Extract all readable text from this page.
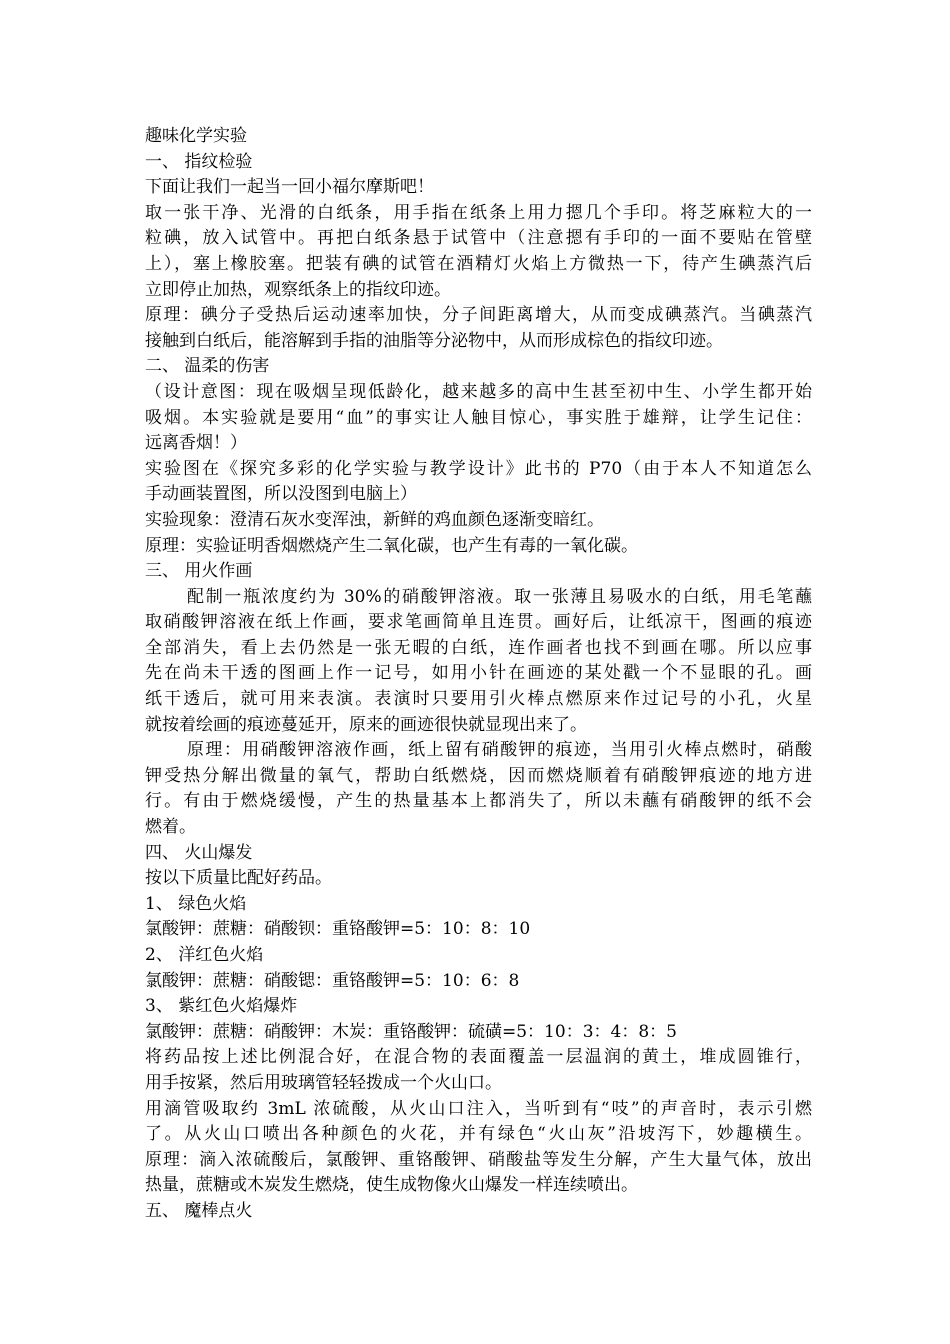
趣味化学实验
一、 指纹检验
下面让我们一起当一回小福尔摩斯吧！
取一张干净、光滑的白纸条，用手指在纸条上用力摁几个手印。将芝麻粒大的一
粒碘，放入试管中。再把白纸条悬于试管中（注意摁有手印的一面不要贴在管壁
上），塞上橡胶塞。把装有碘的试管在酒精灯火焰上方微热一下，待产生碘蒸汽后
立即停止加热，观察纸条上的指纹印迹。
原理：碘分子受热后运动速率加快，分子间距离增大，从而变成碘蒸汽。当碘蒸汽
接触到白纸后，能溶解到手指的油脂等分泌物中，从而形成棕色的指纹印迹。
二、 温柔的伤害
（设计意图：现在吸烟呈现低龄化，越来越多的高中生甚至初中生、小学生都开始
吸烟。本实验就是要用“血”的事实让人触目惊心，事实胜于雄辩，让学生记住：
远离香烟！）
实验图在《探究多彩的化学实验与教学设计》此书的 P70（由于本人不知道怎么
手动画装置图，所以没图到电脑上）
实验现象：澄清石灰水变浑浊，新鲜的鸡血颜色逐渐变暗红。
原理：实验证明香烟燃烧产生二氧化碳，也产生有毒的一氧化碳。
三、 用火作画
配制一瓶浓度约为 30%的硝酸钾溶液。取一张薄且易吸水的白纸，用毛笔蘸
取硝酸钾溶液在纸上作画，要求笔画简单且连贯。画好后，让纸凉干，图画的痕迹
全部消失，看上去仍然是一张无暇的白纸，连作画者也找不到画在哪。所以应事
先在尚未干透的图画上作一记号，如用小针在画迹的某处戳一个不显眼的孔。画
纸干透后，就可用来表演。表演时只要用引火棒点燃原来作过记号的小孔，火星
就按着绘画的痕迹蔓延开，原来的画迹很快就显现出来了。
原理：用硝酸钾溶液作画，纸上留有硝酸钾的痕迹，当用引火棒点燃时，硝酸
钾受热分解出微量的氧气，帮助白纸燃烧，因而燃烧顺着有硝酸钾痕迹的地方进
行。有由于燃烧缓慢，产生的热量基本上都消失了，所以未蘸有硝酸钾的纸不会
燃着。
四、 火山爆发
按以下质量比配好药品。
1、 绿色火焰
氯酸钾：蔗糖：硝酸钡：重铬酸钾=5：10：8：10
2、 洋红色火焰
氯酸钾：蔗糖：硝酸锶：重铬酸钾=5：10：6：8
3、 紫红色火焰爆炸
氯酸钾：蔗糖：硝酸钾：木炭：重铬酸钾：硫磺=5：10：3：4：8：5
将药品按上述比例混合好，在混合物的表面覆盖一层温润的黄土，堆成圆锥行，
用手按紧，然后用玻璃管轻轻拨成一个火山口。
用滴管吸取约 3mL 浓硫酸，从火山口注入，当听到有“吱”的声音时，表示引燃
了。从火山口喷出各种颜色的火花，并有绿色“火山灰”沿坡泻下，妙趣横生。
原理：滴入浓硫酸后，氯酸钾、重铬酸钾、硝酸盐等发生分解，产生大量气体，放出
热量，蔗糖或木炭发生燃烧，使生成物像火山爆发一样连续喷出。
五、 魔棒点火
